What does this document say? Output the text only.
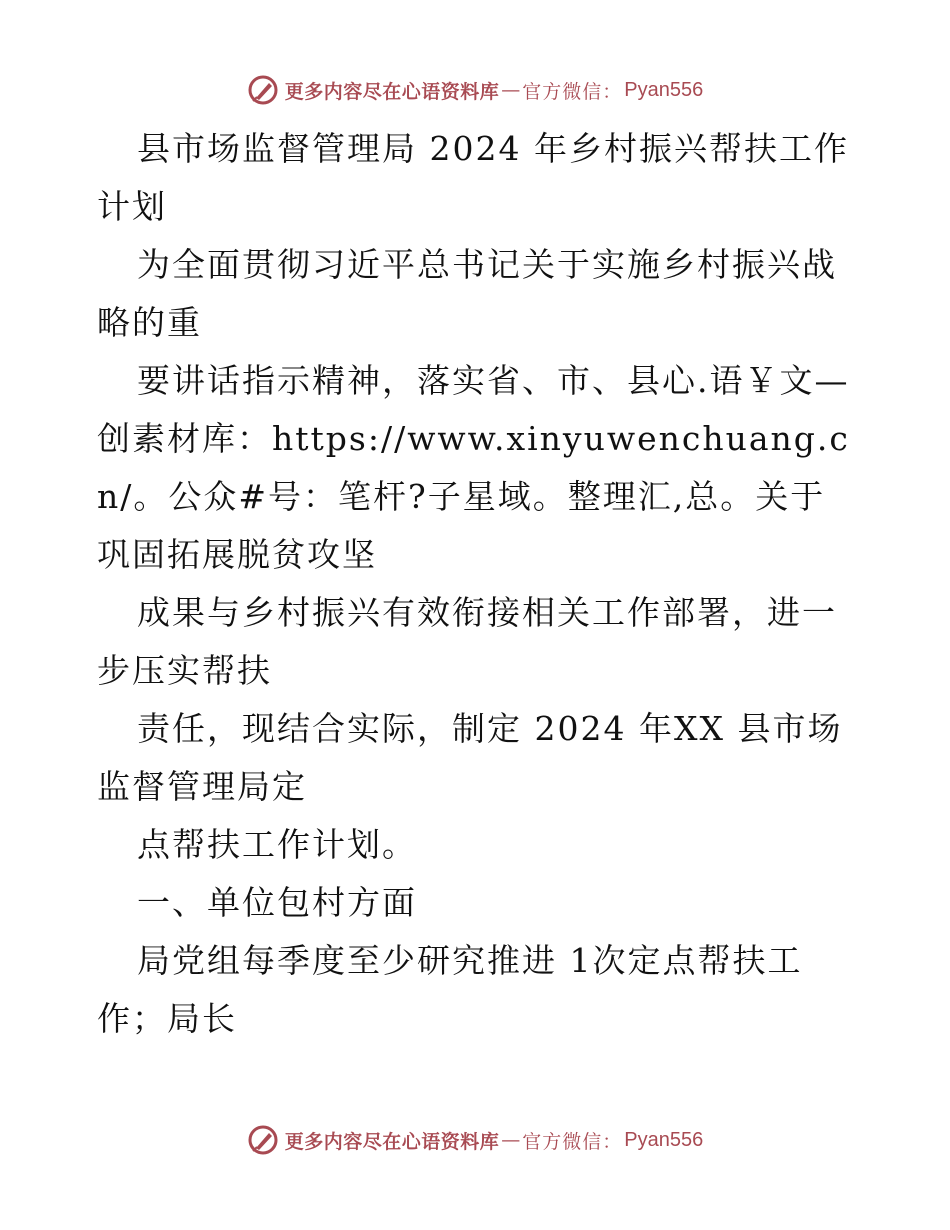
更多内容尽在心语资料库 — 官方微信： Pyan556

县市场监督管理局 2024 年乡村振兴帮扶工作计划

为全面贯彻习近平总书记关于实施乡村振兴战略的重

要讲话指示精神，落实省、市、县心.语￥文—创素材库：https://www.xinyuwenchuang.cn/。公众#号：笔杆?子星域。整理汇,总。关于巩固拓展脱贫攻坚

成果与乡村振兴有效衔接相关工作部署，进一步压实帮扶

责任，现结合实际，制定 2024 年XX 县市场监督管理局定

点帮扶工作计划。

一、单位包村方面

局党组每季度至少研究推进 1次定点帮扶工作；局长

更多内容尽在心语资料库 — 官方微信： Pyan556
